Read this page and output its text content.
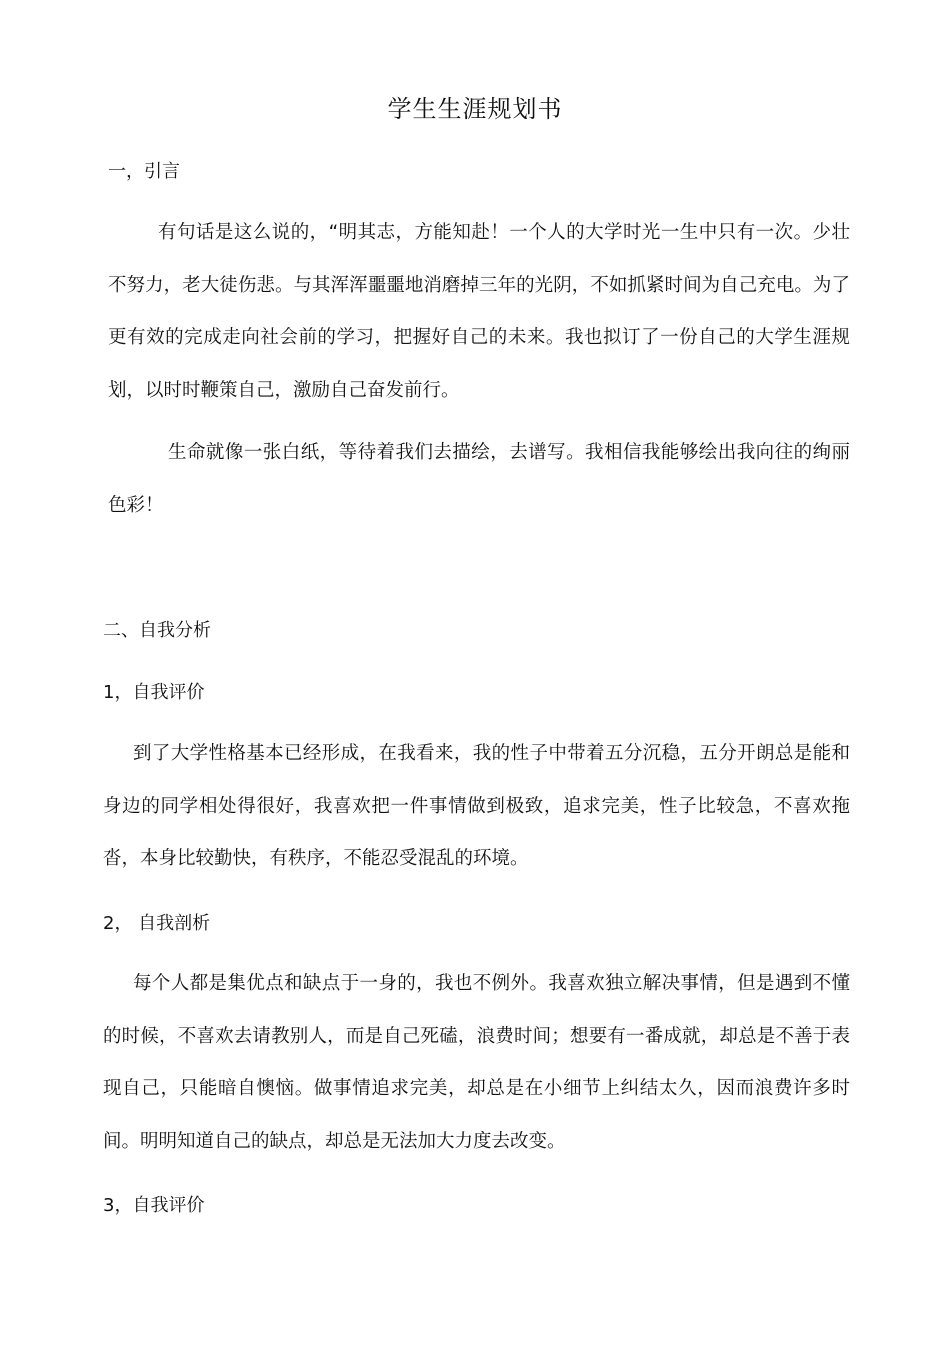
学生生涯规划书
一，引言
有句话是这么说的，“明其志，方能知赴！一个人的大学时光一生中只有一次。少壮不努力，老大徒伤悲。与其浑浑噩噩地消磨掉三年的光阴，不如抓紧时间为自己充电。为了更有效的完成走向社会前的学习，把握好自己的未来。我也拟订了一份自己的大学生涯规划，以时时鞭策自己，激励自己奋发前行。
生命就像一张白纸，等待着我们去描绘，去谱写。我相信我能够绘出我向往的绚丽色彩！
二、自我分析
1，自我评价
到了大学性格基本已经形成，在我看来，我的性子中带着五分沉稳，五分开朗总是能和身边的同学相处得很好，我喜欢把一件事情做到极致，追求完美，性子比较急，不喜欢拖沓，本身比较勤快，有秩序，不能忍受混乱的环境。
2， 自我剖析
每个人都是集优点和缺点于一身的，我也不例外。我喜欢独立解决事情，但是遇到不懂的时候，不喜欢去请教别人，而是自己死磕，浪费时间；想要有一番成就，却总是不善于表现自己，只能暗自懊恼。做事情追求完美，却总是在小细节上纠结太久，因而浪费许多时间。明明知道自己的缺点，却总是无法加大力度去改变。
3，自我评价
